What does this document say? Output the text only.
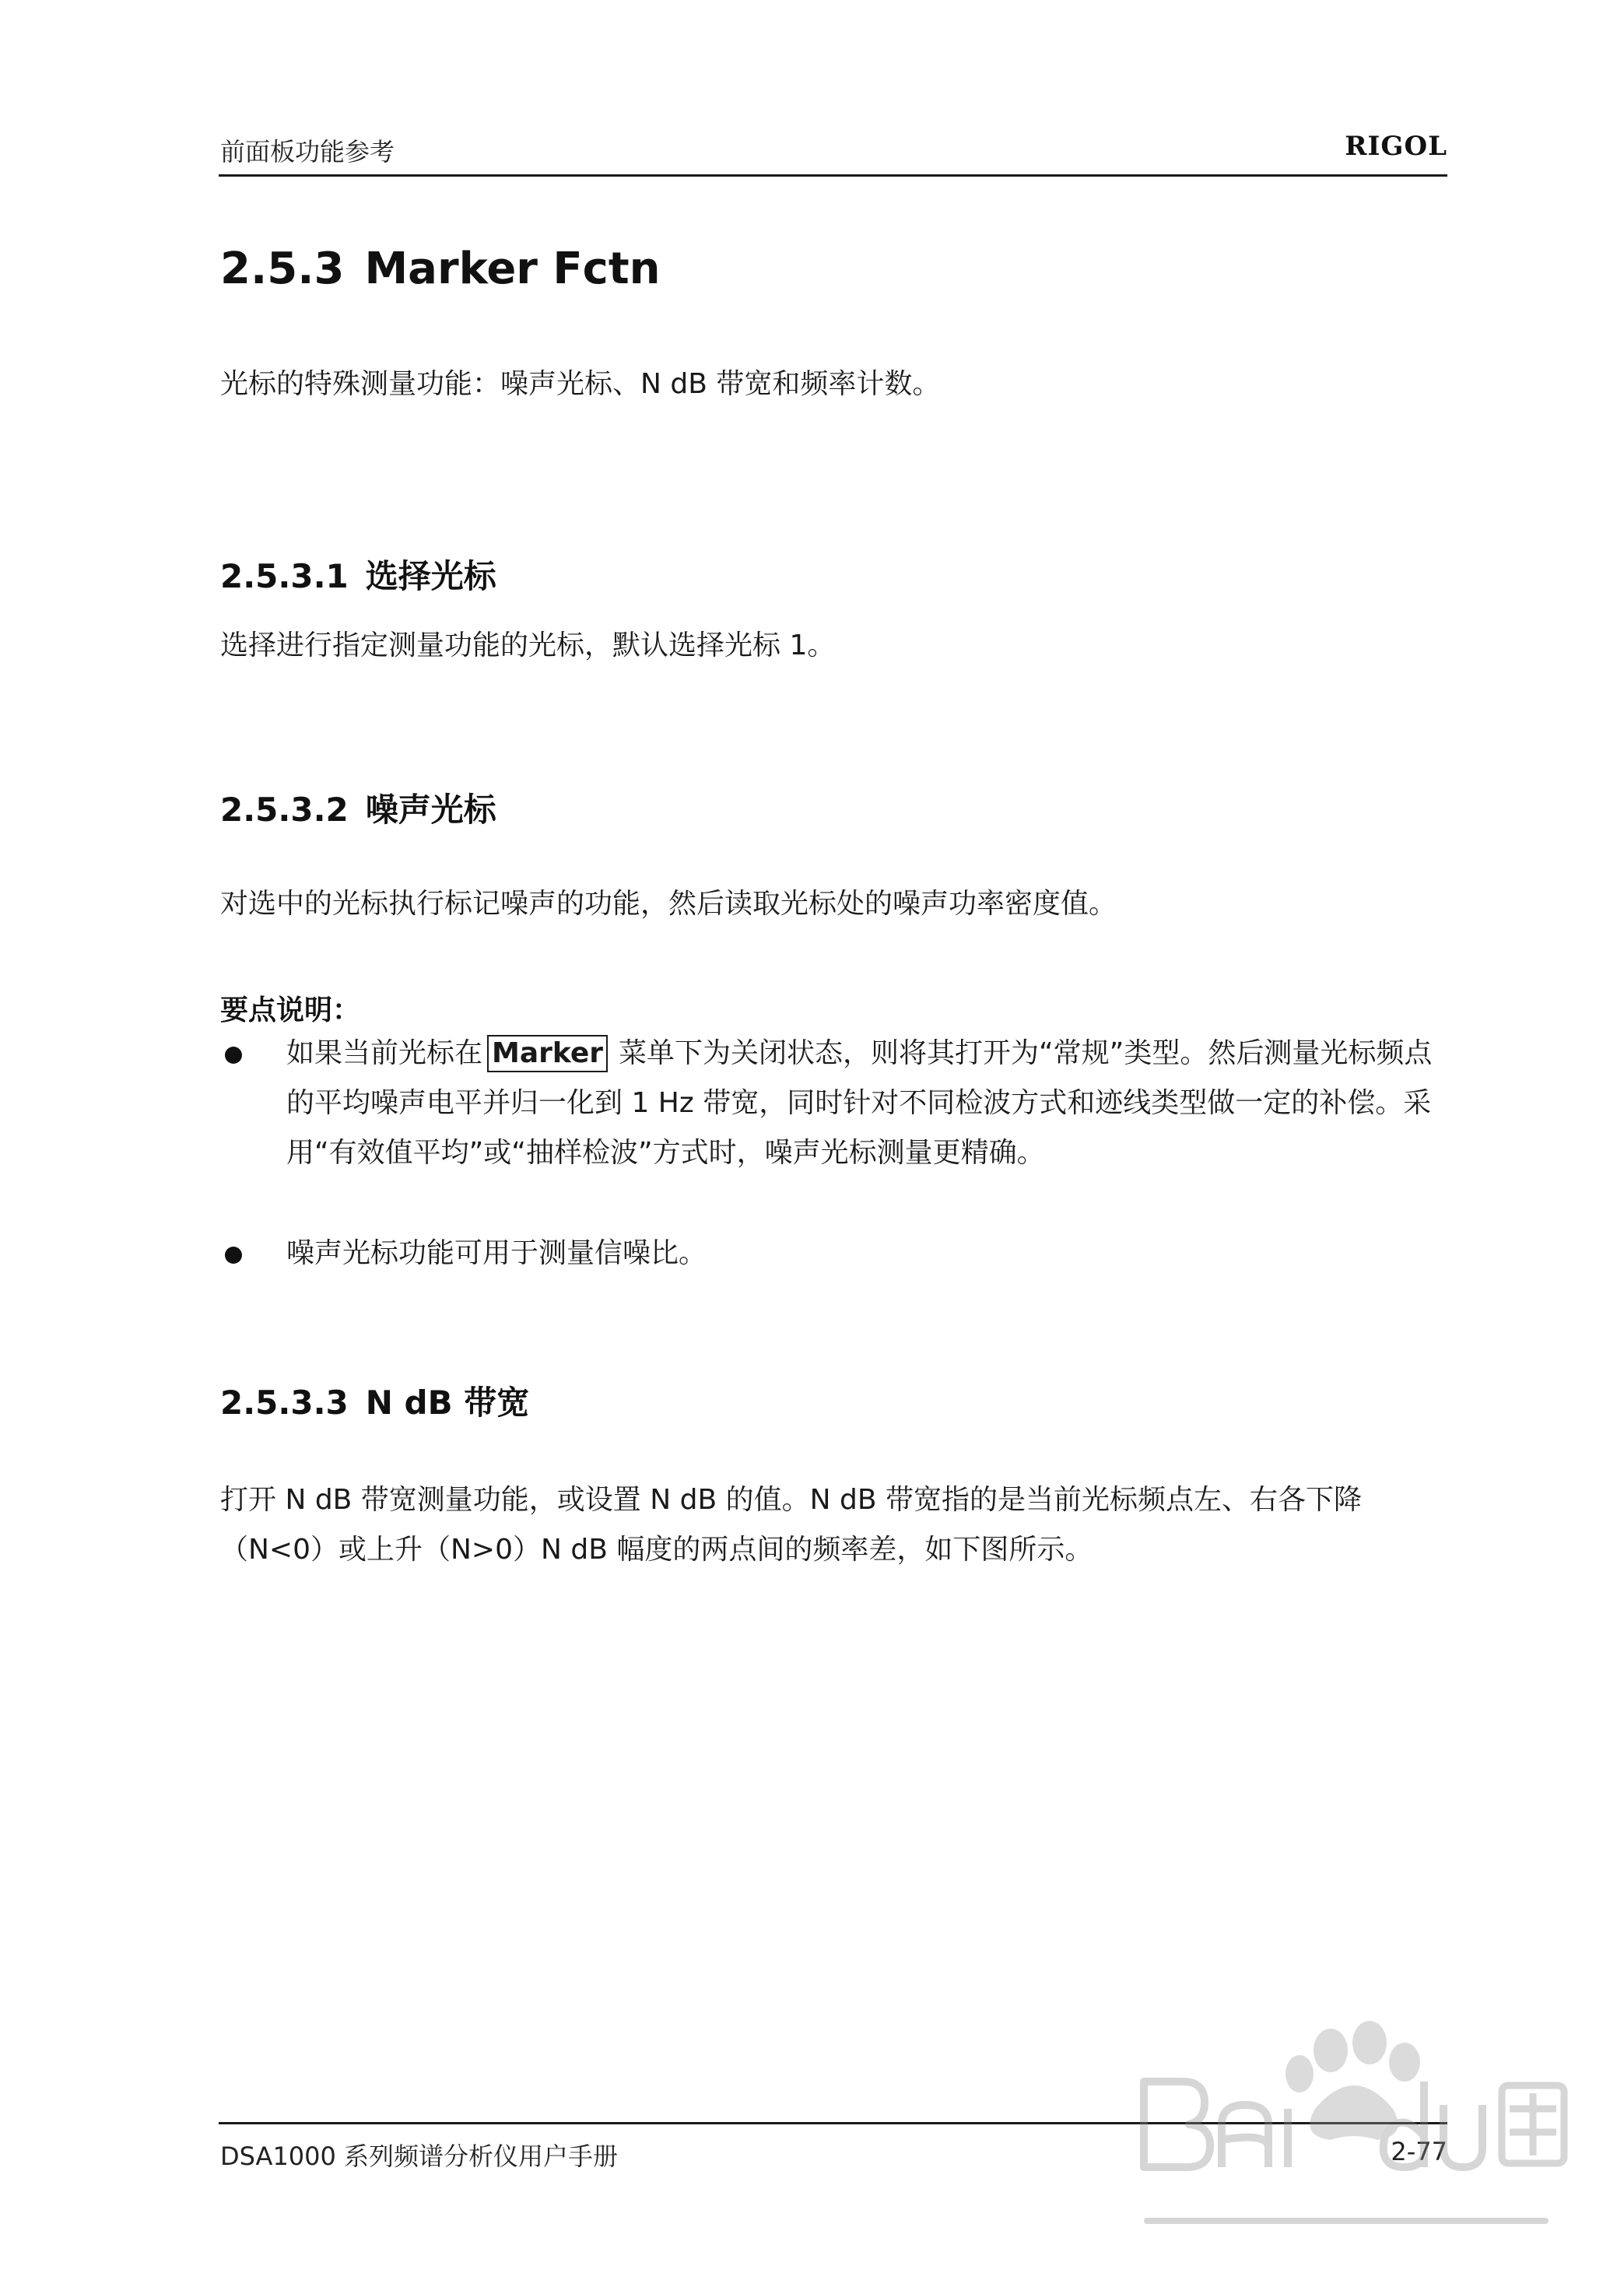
前面板功能参考	RIGOL
2.5.3 Marker Fctn
光标的特殊测量功能：噪声光标、N dB 带宽和频率计数。
2.5.3.1 选择光标
选择进行指定测量功能的光标，默认选择光标 1。
2.5.3.2 噪声光标
对选中的光标执行标记噪声的功能，然后读取光标处的噪声功率密度值。
要点说明：
如果当前光标在 Marker 菜单下为关闭状态，则将其打开为“常规”类型。然后测量光标频点的平均噪声电平并归一化到 1 Hz 带宽，同时针对不同检波方式和迹线类型做一定的补偿。采用“有效值平均”或“抽样检波”方式时，噪声光标测量更精确。
噪声光标功能可用于测量信噪比。
2.5.3.3 N dB 带宽
打开 N dB 带宽测量功能，或设置 N dB 的值。N dB 带宽指的是当前光标频点左、右各下降（N<0）或上升（N>0）N dB 幅度的两点间的频率差，如下图所示。
DSA1000 系列频谱分析仪用户手册	2-77
